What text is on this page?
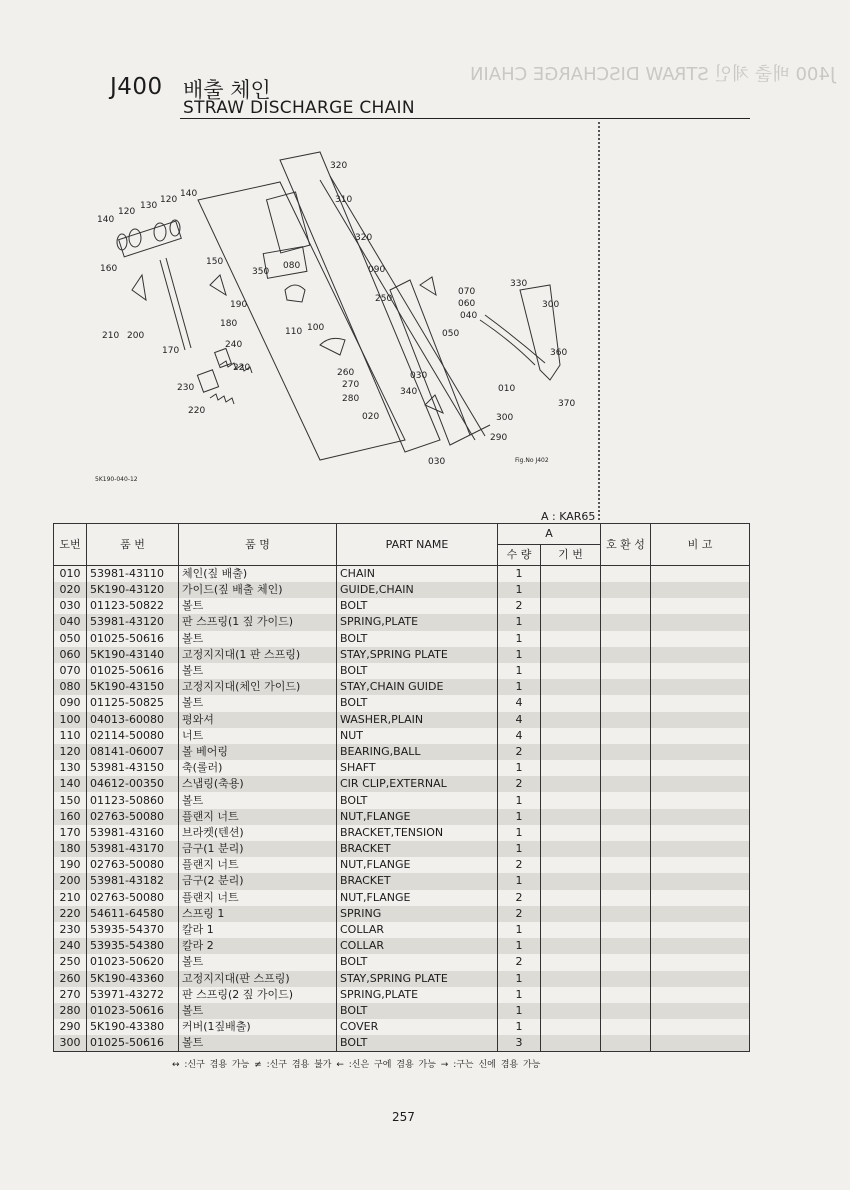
J400 배출 체인 STRAW DISCHARGE CHAIN
J400 배출 체인
STRAW DISCHARGE CHAIN
320
310
320
090
330
300
360
010
370
300
290
030
030
340
270
280
260
020
250
070
060
040
050
100
110
080
350
190
180
150
160
140
120
130
120
140
170
210 200
240
220
230
220
5K190-040-12
Fig.No J402
A : KAR65
도번	품 번	품 명	PART NAME	A		호 환 성	비 고
				수 량	기 번		
010	53981-43110	체인(짚 배출)	CHAIN	1			
020	5K190-43120	가이드(짚 배출 체인)	GUIDE,CHAIN	1			
030	01123-50822	볼트	BOLT	2			
040	53981-43120	판 스프링(1 짚 가이드)	SPRING,PLATE	1			
050	01025-50616	볼트	BOLT	1			
060	5K190-43140	고정지지대(1 판 스프링)	STAY,SPRING PLATE	1			
070	01025-50616	볼트	BOLT	1			
080	5K190-43150	고정지지대(체인 가이드)	STAY,CHAIN GUIDE	1			
090	01125-50825	볼트	BOLT	4			
100	04013-60080	평와셔	WASHER,PLAIN	4			
110	02114-50080	너트	NUT	4			
120	08141-06007	볼 베어링	BEARING,BALL	2			
130	53981-43150	축(롤러)	SHAFT	1			
140	04612-00350	스냅링(축용)	CIR CLIP,EXTERNAL	2			
150	01123-50860	볼트	BOLT	1			
160	02763-50080	플랜지 너트	NUT,FLANGE	1			
170	53981-43160	브라켓(텐션)	BRACKET,TENSION	1			
180	53981-43170	금구(1 분리)	BRACKET	1			
190	02763-50080	플랜지 너트	NUT,FLANGE	2			
200	53981-43182	금구(2 분리)	BRACKET	1			
210	02763-50080	플랜지 너트	NUT,FLANGE	2			
220	54611-64580	스프링 1	SPRING	2			
230	53935-54370	칼라 1	COLLAR	1			
240	53935-54380	칼라 2	COLLAR	1			
250	01023-50620	볼트	BOLT	2			
260	5K190-43360	고정지지대(판 스프링)	STAY,SPRING PLATE	1			
270	53971-43272	판 스프링(2 짚 가이드)	SPRING,PLATE	1			
280	01023-50616	볼트	BOLT	1			
290	5K190-43380	커버(1짚배출)	COVER	1			
300	01025-50616	볼트	BOLT	3			
↔ :신구 겸용 가능 ≠ :신구 겸용 불가 ← :신은 구에 겸용 가능 → :구는 신에 겸용 가능
257
